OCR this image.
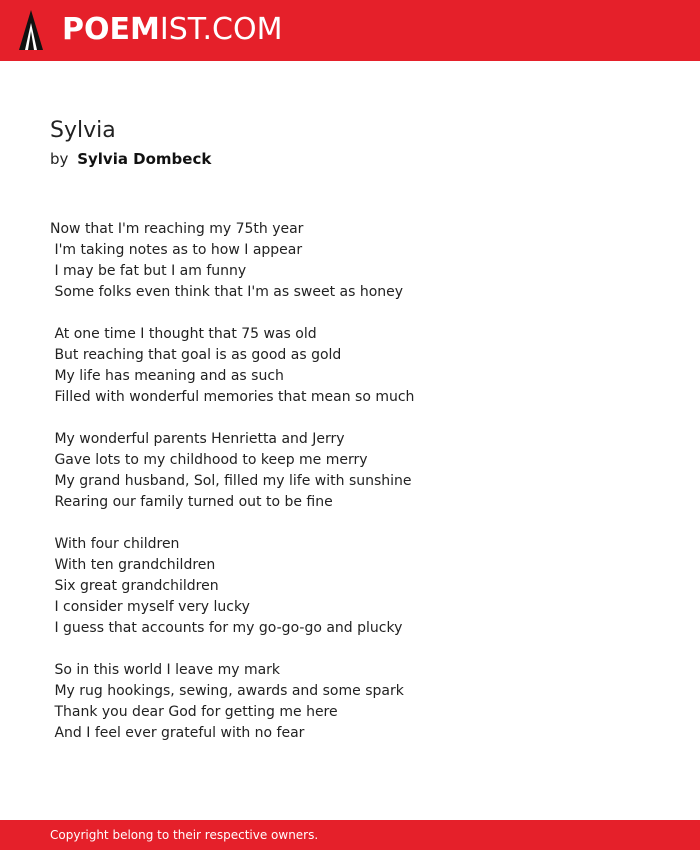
POEMIST.COM
Sylvia
by Sylvia Dombeck
Now that I'm reaching my 75th year
I'm taking notes as to how I appear
I may be fat but I am funny
Some folks even think that I'm as sweet as honey
At one time I thought that 75 was old
But reaching that goal is as good as gold
My life has meaning and as such
Filled with wonderful memories that mean so much
My wonderful parents Henrietta and Jerry
Gave lots to my childhood to keep me merry
My grand husband, Sol, filled my life with sunshine
Rearing our family turned out to be fine
With four children
With ten grandchildren
Six great grandchildren
I consider myself very lucky
I guess that accounts for my go-go-go and plucky
So in this world I leave my mark
My rug hookings, sewing, awards and some spark
Thank you dear God for getting me here
And I feel ever grateful with no fear
Copyright belong to their respective owners.
